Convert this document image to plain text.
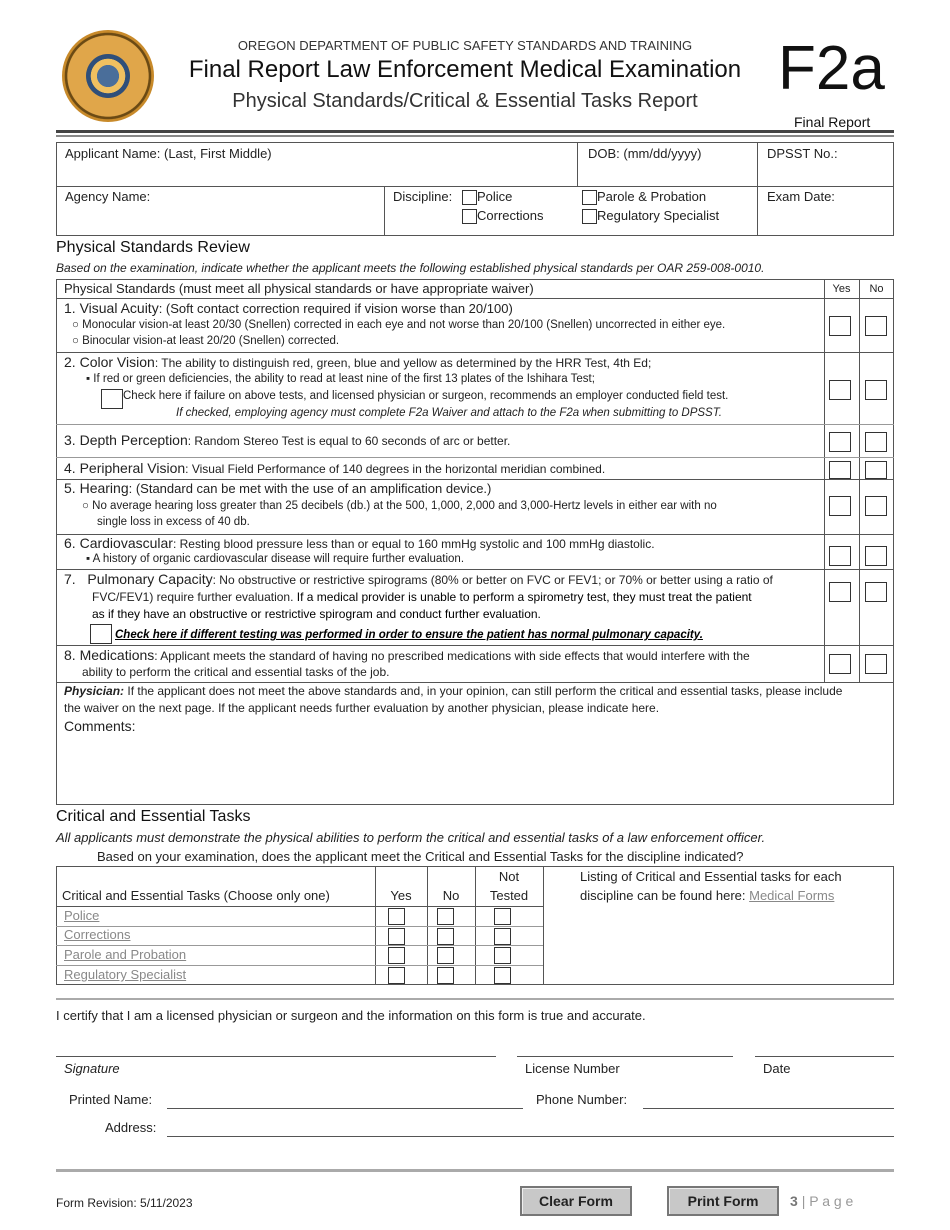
OREGON DEPARTMENT OF PUBLIC SAFETY STANDARDS AND TRAINING
Final Report Law Enforcement Medical Examination
Physical Standards/Critical & Essential Tasks Report	F2a
Final Report
Applicant Name: (Last, First Middle)	DOB: (mm/dd/yyyy)	DPSST No.:
Agency Name:	Discipline:	Police
Corrections
Parole & Probation
Regulatory Specialist
Exam Date:
Physical Standards Review
Based on the examination, indicate whether the applicant meets the following established physical standards per OAR 259-008-0010.
Physical Standards (must meet all physical standards or have appropriate waiver)	Yes	No
1. Visual Acuity: (Soft contact correction required if vision worse than 20/100)
○ Monocular vision-at least 20/30 (Snellen) corrected in each eye and not worse than 20/100 (Snellen) uncorrected in either eye.
○ Binocular vision-at least 20/20 (Snellen) corrected.
2. Color Vision: The ability to distinguish red, green, blue and yellow as determined by the HRR Test, 4th Ed;
▪ If red or green deficiencies, the ability to read at least nine of the first 13 plates of the Ishihara Test;
Check here if failure on above tests, and licensed physician or surgeon, recommends an employer conducted field test.
If checked, employing agency must complete F2a Waiver and attach to the F2a when submitting to DPSST.
3. Depth Perception: Random Stereo Test is equal to 60 seconds of arc or better.
4. Peripheral Vision: Visual Field Performance of 140 degrees in the horizontal meridian combined.
5. Hearing: (Standard can be met with the use of an amplification device.)
○ No average hearing loss greater than 25 decibels (db.) at the 500, 1,000, 2,000 and 3,000-Hertz levels in either ear with no
single loss in excess of 40 db.
6. Cardiovascular: Resting blood pressure less than or equal to 160 mmHg systolic and 100 mmHg diastolic.
▪ A history of organic cardiovascular disease will require further evaluation.
7. Pulmonary Capacity: No obstructive or restrictive spirograms (80% or better on FVC or FEV1; or 70% or better using a ratio of
FVC/FEV1) require further evaluation. If a medical provider is unable to perform a spirometry test, they must treat the patient
as if they have an obstructive or restrictive spirogram and conduct further evaluation.
Check here if different testing was performed in order to ensure the patient has normal pulmonary capacity.
8. Medications: Applicant meets the standard of having no prescribed medications with side effects that would interfere with the
ability to perform the critical and essential tasks of the job.
Physician: If the applicant does not meet the above standards and, in your opinion, can still perform the critical and essential tasks, please include
the waiver on the next page. If the applicant needs further evaluation by another physician, please indicate here.
Comments:
Critical and Essential Tasks
All applicants must demonstrate the physical abilities to perform the critical and essential tasks of a law enforcement officer.
Based on your examination, does the applicant meet the Critical and Essential Tasks for the discipline indicated?
Critical and Essential Tasks (Choose only one)	Yes	No
Not
Tested
Police
Corrections
Parole and Probation
Regulatory Specialist
Listing of Critical and Essential tasks for each
discipline can be found here: Medical Forms
I certify that I am a licensed physician or surgeon and the information on this form is true and accurate.
Signature	License Number	Date
Printed Name:	Phone Number:
Address:
Form Revision: 5/11/2023	Clear Form	Print Form	3 | P a g e
